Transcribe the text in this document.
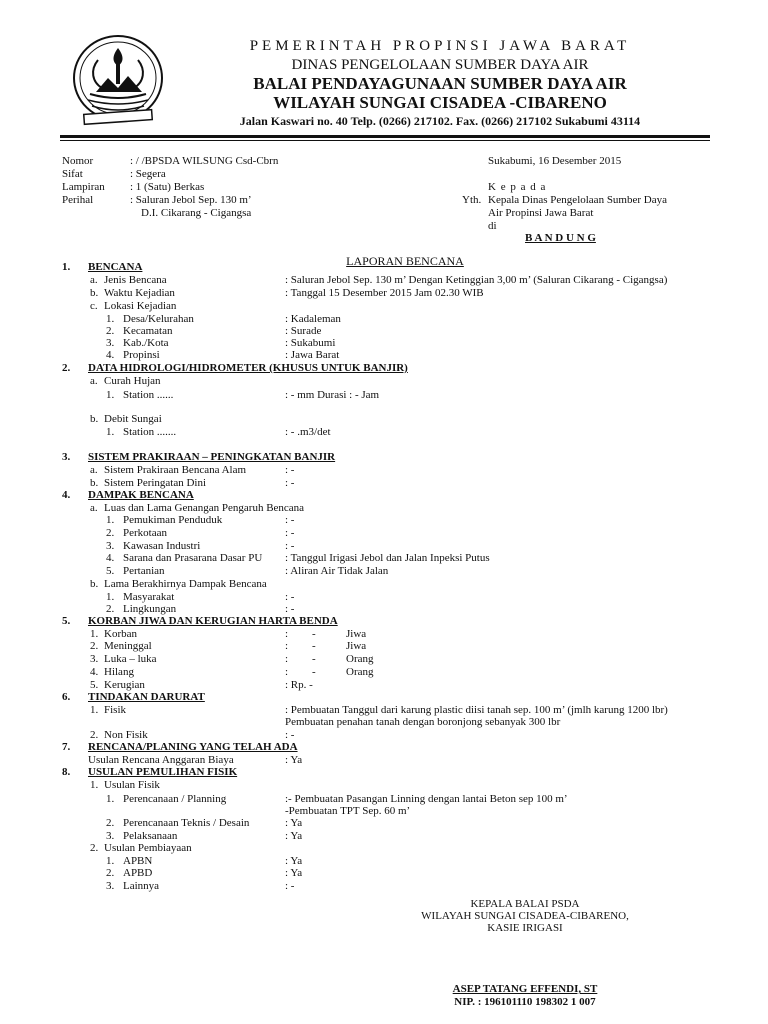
PEMERINTAH PROPINSI JAWA BARAT
DINAS PENGELOLAAN SUMBER DAYA AIR
BALAI PENDAYAGUNAAN SUMBER DAYA AIR
WILAYAH SUNGAI CISADEA -CIBARENO
Jalan Kaswari no. 40 Telp. (0266) 217102. Fax. (0266) 217102 Sukabumi 43114
Nomor	: / /BPSDA WILSUNG Csd-Cbrn
Sifat	: Segera
Lampiran : 1 (Satu) Berkas
Perihal	: Saluran Jebol Sep. 130 m’
D.I. Cikarang - Cigangsa
Sukabumi, 16 Desember 2015
K e p a d a
Yth. Kepala Dinas Pengelolaan Sumber Daya
Air Propinsi Jawa Barat
di
B A N D U N G
LAPORAN BENCANA
1. BENCANA
a. Jenis Bencana	: Saluran Jebol Sep. 130 m’ Dengan Ketinggian 3,00 m’ (Saluran Cikarang - Cigangsa)
b. Waktu Kejadian	: Tanggal 15 Desember 2015 Jam 02.30 WIB
c. Lokasi Kejadian
1. Desa/Kelurahan	: Kadaleman
2. Kecamatan	: Surade
3. Kab./Kota	: Sukabumi
4. Propinsi	: Jawa Barat
2. DATA HIDROLOGI/HIDROMETER (KHUSUS UNTUK BANJIR)
a. Curah Hujan
1. Station ......	: - mm Durasi : - Jam
b. Debit Sungai
1. Station .......	: - .m3/det
3. SISTEM PRAKIRAAN – PENINGKATAN BANJIR
a. Sistem Prakiraan Bencana Alam	: -
b. Sistem Peringatan Dini	: -
4. DAMPAK BENCANA
a. Luas dan Lama Genangan Pengaruh Bencana
1. Pemukiman Penduduk	: -
2. Perkotaan	: -
3. Kawasan Industri	: -
4. Sarana dan Prasarana Dasar PU : Tanggul Irigasi Jebol dan Jalan Inpeksi Putus
5. Pertanian	: Aliran Air Tidak Jalan
b. Lama Berakhirnya Dampak Bencana
1. Masyarakat	: -
2. Lingkungan	: -
5. KORBAN JIWA DAN KERUGIAN HARTA BENDA
1. Korban	: -	Jiwa
2. Meninggal	: -	Jiwa
3. Luka – luka	: -	Orang
4. Hilang	: -	Orang
5. Kerugian	: Rp. -
6. TINDAKAN DARURAT
1. Fisik	: Pembuatan Tanggul dari karung plastic diisi tanah sep. 100 m’ (jmlh karung 1200 lbr)
Pembuatan penahan tanah dengan boronjong sebanyak 300 lbr
2. Non Fisik	: -
7. RENCANA/PLANING YANG TELAH ADA
Usulan Rencana Anggaran Biaya	: Ya
8. USULAN PEMULIHAN FISIK
1. Usulan Fisik
1. Perencanaan / Planning	:- Pembuatan Pasangan Linning dengan lantai Beton sep 100 m’
-Pembuatan TPT Sep. 60 m’
2. Perencanaan Teknis / Desain	: Ya
3. Pelaksanaan	: Ya
2. Usulan Pembiayaan
1. APBN	: Ya
2. APBD	: Ya
3. Lainnya	: -
KEPALA BALAI PSDA
WILAYAH SUNGAI CISADEA-CIBARENO,
KASIE IRIGASI
ASEP TATANG EFFENDI, ST
NIP. : 196101110 198302 1 007
